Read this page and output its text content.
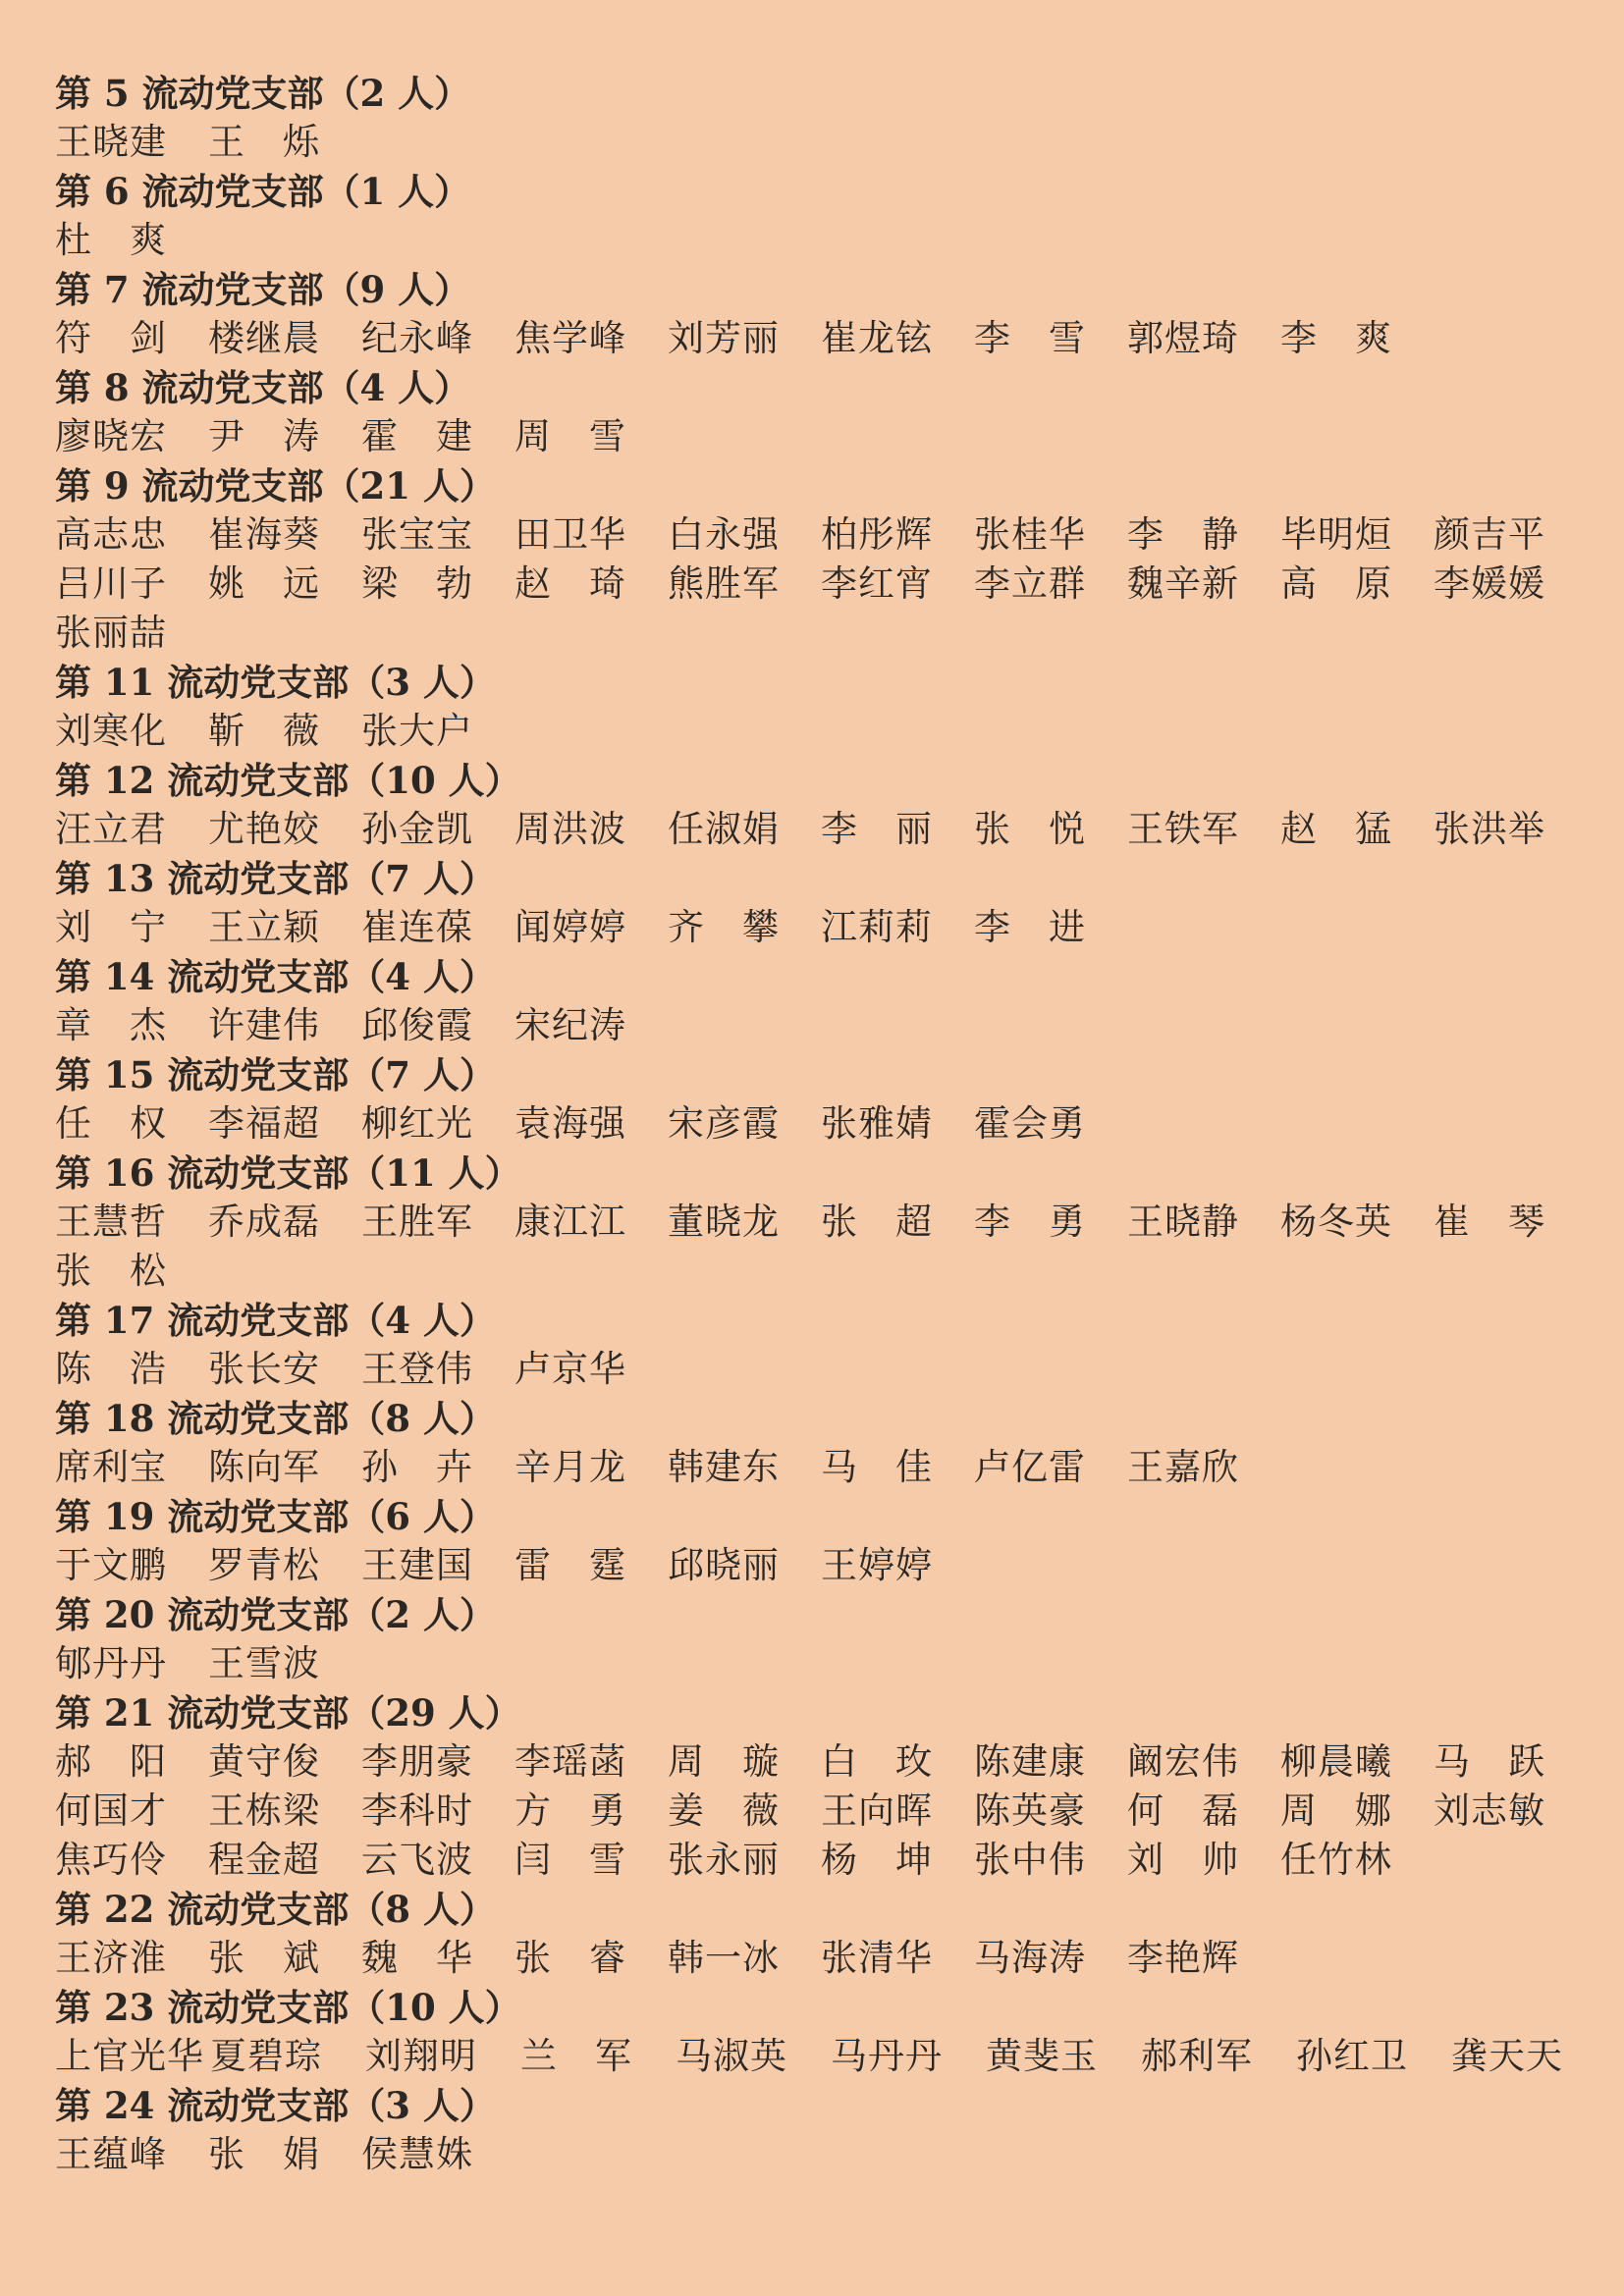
第 5 流动党支部（2 人）
王晓建	王　烁
第 6 流动党支部（1 人）
杜　爽
第 7 流动党支部（9 人）
符　剑	楼继晨	纪永峰	焦学峰	刘芳丽	崔龙铉	李　雪	郭煜琦	李　爽
第 8 流动党支部（4 人）
廖晓宏	尹　涛	霍　建	周　雪
第 9 流动党支部（21 人）
高志忠	崔海葵	张宝宝	田卫华	白永强	柏彤辉	张桂华	李　静	毕明烜	颜吉平
吕川子	姚　远	梁　勃	赵　琦	熊胜军	李红宵	李立群	魏辛新	高　原	李媛媛
张丽喆
第 11 流动党支部（3 人）
刘寒化	靳　薇	张大户
第 12 流动党支部（10 人）
汪立君	尤艳姣	孙金凯	周洪波	任淑娟	李　丽	张　悦	王铁军	赵　猛	张洪举
第 13 流动党支部（7 人）
刘　宁	王立颖	崔连葆	闻婷婷	齐　攀	江莉莉	李　进
第 14 流动党支部（4 人）
章　杰	许建伟	邱俊霞	宋纪涛
第 15 流动党支部（7 人）
任　权	李福超	柳红光	袁海强	宋彦霞	张雅婧	霍会勇
第 16 流动党支部（11 人）
王慧哲	乔成磊	王胜军	康江江	董晓龙	张　超	李　勇	王晓静	杨冬英	崔　琴
张　松
第 17 流动党支部（4 人）
陈　浩	张长安	王登伟	卢京华
第 18 流动党支部（8 人）
席利宝	陈向军	孙　卉	辛月龙	韩建东	马　佳	卢亿雷	王嘉欣
第 19 流动党支部（6 人）
于文鹏	罗青松	王建国	雷　霆	邱晓丽	王婷婷
第 20 流动党支部（2 人）
郇丹丹	王雪波
第 21 流动党支部（29 人）
郝　阳	黄守俊	李朋豪	李瑶菡	周　璇	白　玫	陈建康	阚宏伟	柳晨曦	马　跃
何国才	王栋梁	李科时	方　勇	姜　薇	王向晖	陈英豪	何　磊	周　娜	刘志敏
焦巧伶	程金超	云飞波	闫　雪	张永丽	杨　坤	张中伟	刘　帅	任竹林
第 22 流动党支部（8 人）
王济淮	张　斌	魏　华	张　睿	韩一冰	张清华	马海涛	李艳辉
第 23 流动党支部（10 人）
上官光华 夏碧琮	刘翔明	兰　军	马淑英	马丹丹	黄斐玉	郝利军	孙红卫	龚天天
第 24 流动党支部（3 人）
王蕴峰	张　娟	侯慧姝
